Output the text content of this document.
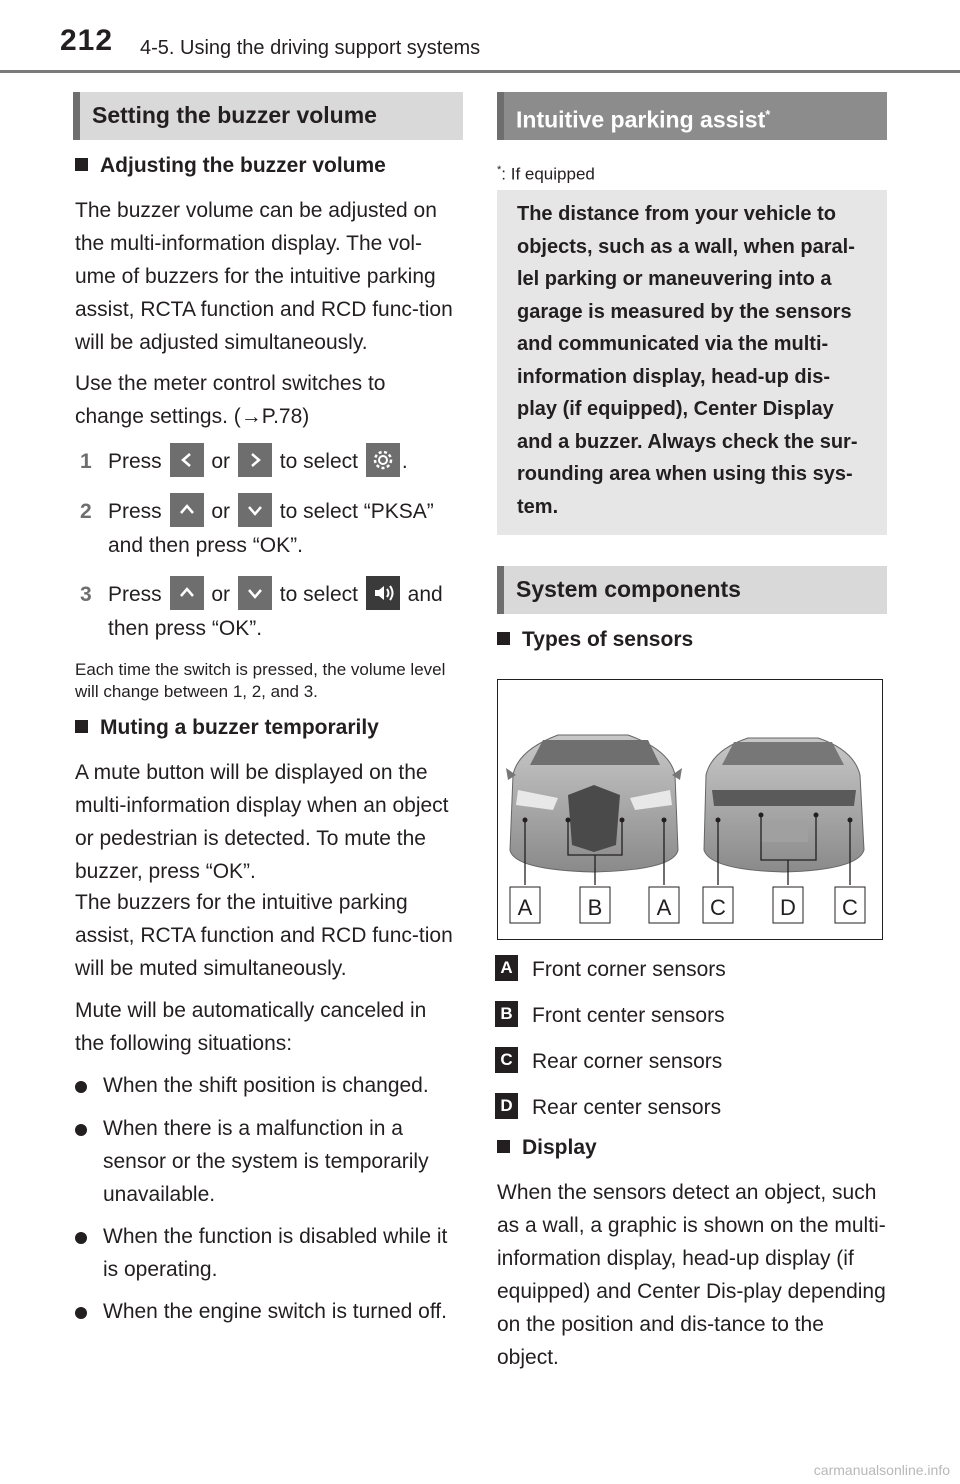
212 4-5. Using the driving support systems
Setting the buzzer volume
Adjusting the buzzer volume

The buzzer volume can be adjusted on the multi-information display. The vol-ume of buzzers for the intuitive parking assist, RCTA function and RCD func-tion will be adjusted simultaneously.

Use the meter control switches to change settings. (→P.78)

1 Press or to select .
2 Press or to select “PKSA” and then press “OK”.
3 Press or to select and then press “OK”.

Each time the switch is pressed, the volume level will change between 1, 2, and 3.

Muting a buzzer temporarily

A mute button will be displayed on the multi-information display when an object or pedestrian is detected. To mute the buzzer, press “OK”.

The buzzers for the intuitive parking assist, RCTA function and RCD func-tion will be muted simultaneously.

Mute will be automatically canceled in the following situations:

When the shift position is changed.
When there is a malfunction in a sensor or the system is temporarily unavailable.
When the function is disabled while it is operating.
When the engine switch is turned off.
Intuitive parking assist*
*: If equipped
The distance from your vehicle to objects, such as a wall, when paral-lel parking or maneuvering into a garage is measured by the sensors and communicated via the multi-information display, head-up dis-play (if equipped), Center Display and a buzzer. Always check the sur-rounding area when using this sys-tem.
System components
Types of sensors
A	B	A	C	D	C
A Front corner sensors
B Front center sensors
C Rear corner sensors
D Rear center sensors
Display

When the sensors detect an object, such as a wall, a graphic is shown on the multi-information display, head-up display (if equipped) and Center Dis-play depending on the position and dis-tance to the object.

carmanualsonline.info
